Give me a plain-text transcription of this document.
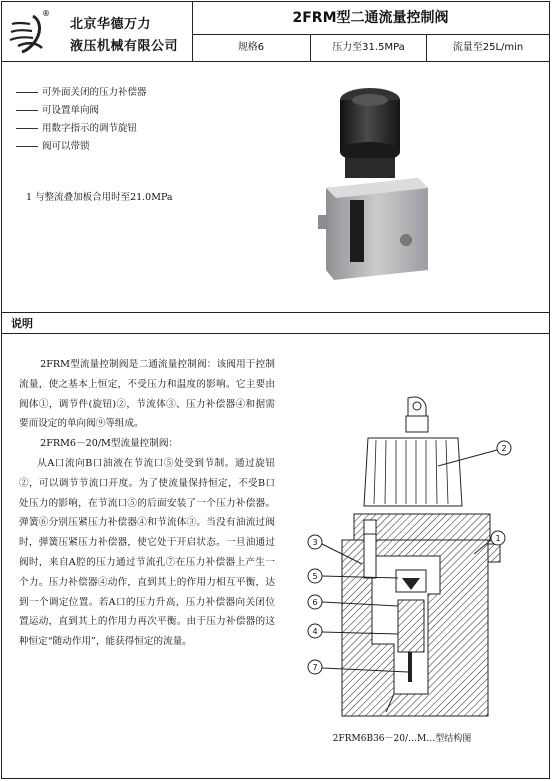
®
北京华德万力
液压机械有限公司
2FRM型二通流量控制阀
规格6	压力至31.5MPa	流量至25L/min
可外面关闭的压力补偿器
可设置单向阀
用数字指示的调节旋钮
阀可以带锁
1 与整流叠加板合用时至21.0MPa
说明

2FRM型流量控制阀是二通流量控制阀：该阀用于控制流量，使之基本上恒定，不受压力和温度的影响。它主要由阀体①，调节件(旋钮)②，节流体③、压力补偿器④和据需要而设定的单向阀⑨等组成。

2FRM6－20/M型流量控制阀：

从A口流向B口油液在节流口⑤处受到节制。通过旋钮②，可以调节节流口开度。为了使流量保持恒定，不受B口处压力的影响，在节流口⑤的后面安装了一个压力补偿器。弹簧⑥分别压紧压力补偿器④和节流体③。当没有油流过阀时，弹簧压紧压力补偿器，使它处于开启状态。一旦油通过阀时，来自A腔的压力通过节流孔⑦在压力补偿器上产生一个力。压力补偿器④动作，直到其上的作用力相互平衡，达到一个调定位置。若A口的压力升高，压力补偿器向关闭位置运动，直到其上的作用力再次平衡。由于压力补偿器的这种恒定“随动作用”，能获得恒定的流量。

2
1
3
5
6
4
7
2FRM6B36－20/…M…型结构图
